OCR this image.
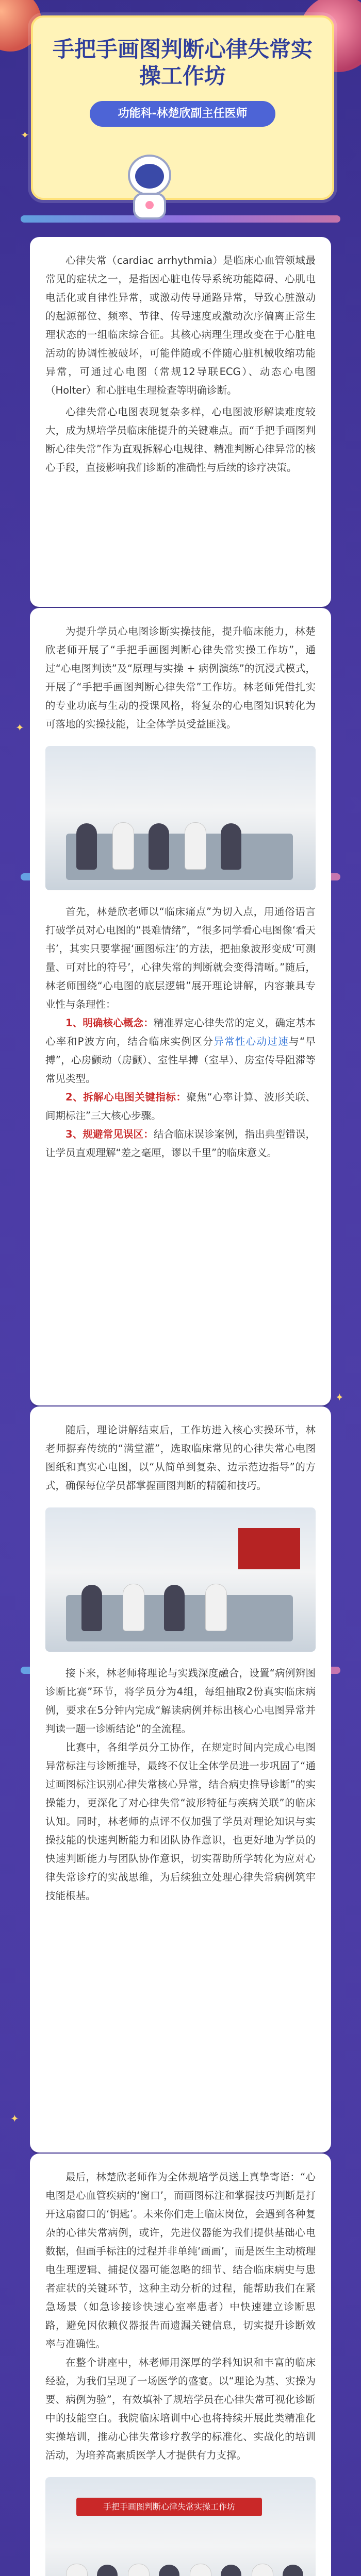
✦
✦
✦
✦
手把手画图判断心律失常实操工作坊
功能科-林楚欣副主任医师

心律失常（cardiac arrhythmia）是临床心血管领域最常见的症状之一，是指因心脏电传导系统功能障碍、心肌电电活化或自律性异常，或激动传导通路异常，导致心脏激动的起源部位、频率、节律、传导速度或激动次序偏离正常生理状态的一组临床综合征。其核心病理生理改变在于心脏电活动的协调性被破坏，可能伴随或不伴随心脏机械收缩功能异常，可通过心电图（常规12导联ECG）、动态心电图（Holter）和心脏电生理检查等明确诊断。

心律失常心电图表现复杂多样，心电图波形解读难度较大，成为规培学员临床能提升的关键难点。而“手把手画图判断心律失常”作为直观拆解心电规律、精准判断心律异常的核心手段，直接影响我们诊断的准确性与后续的诊疗决策。

为提升学员心电图诊断实操技能，提升临床能力，林楚欣老师开展了“手把手画图判断心律失常实操工作坊”，通过“心电图判读”及“原理与实操 + 病例演练”的沉浸式模式，开展了“手把手画图判断心律失常”工作坊。林老师凭借扎实的专业功底与生动的授课风格，将复杂的心电图知识转化为可落地的实操技能，让全体学员受益匪浅。

首先，林楚欣老师以“临床痛点”为切入点，用通俗语言打破学员对心电图的“畏难情绪”，“很多同学看心电图像‘看天书’，其实只要掌握‘画图标注’的方法，把抽象波形变成‘可测量、可对比的符号’，心律失常的判断就会变得清晰。”随后，林老师围绕“心电图的底层逻辑”展开理论讲解，内容兼具专业性与条理性：

1、明确核心概念：精准界定心律失常的定义，确定基本心率和P波方向，结合临床实例区分异常性心动过速与“早搏”，心房颤动（房颤）、室性早搏（室早）、房室传导阻滞等常见类型。

2、拆解心电图关键指标：聚焦“心率计算、波形关联、间期标注”三大核心步骤。

3、规避常见误区：结合临床误诊案例，指出典型错误，让学员直观理解“差之毫厘，谬以千里”的临床意义。

随后，理论讲解结束后，工作坊进入核心实操环节，林老师摒弃传统的“满堂灌”，选取临床常见的心律失常心电图图纸和真实心电图，以“从简单到复杂、边示范边指导”的方式，确保每位学员都掌握画图判断的精髓和技巧。

接下来，林老师将理论与实践深度融合，设置“病例辨图诊断比赛”环节，将学员分为4组，每组抽取2份真实临床病例，要求在5分钟内完成“解读病例并标出核心心电图异常并判读一题一诊断结论”的全流程。

比赛中，各组学员分工协作，在规定时间内完成心电图异常标注与诊断推导，最终不仅让全体学员进一步巩固了“通过画图标注识别心律失常核心异常，结合病史推导诊断”的实操能力，更深化了对心律失常“波形特征与疾病关联”的临床认知。同时，林老师的点评不仅加强了学员对理论知识与实操技能的快速判断能力和团队协作意识，也更好地为学员的快速判断能力与团队协作意识，切实帮助所学转化为应对心律失常诊疗的实战思维，为后续独立处理心律失常病例筑牢技能根基。

最后，林楚欣老师作为全体规培学员送上真挚寄语：“心电图是心血管疾病的‘窗口’，而画图标注和掌握技巧判断是打开这扇窗口的‘钥匙’。未来你们走上临床岗位，会遇到各种复杂的心律失常病例，或许，先进仪器能为我们提供基础心电数据，但画手标注的过程并非单纯‘画画’，而是医生主动梳理电生理逻辑、捕捉仪器可能忽略的细节、结合临床病史与患者症状的关键环节，这种主动分析的过程，能帮助我们在紧急场景（如急诊接诊快速心室率患者）中快速建立诊断思路，避免因依赖仪器报告而遗漏关键信息，切实提升诊断效率与准确性。

在整个讲座中，林老师用深厚的学科知识和丰富的临床经验，为我们呈现了一场医学的盛宴。以“理论为基、实操为要、病例为验”，有效填补了规培学员在心律失常可视化诊断中的技能空白。我院临床培训中心也将持续开展此类精准化实操培训，推动心律失常诊疗教学的标准化、实战化的培训活动，为培养高素质医学人才提供有力支撑。

手把手画图判断心律失常实操工作坊
